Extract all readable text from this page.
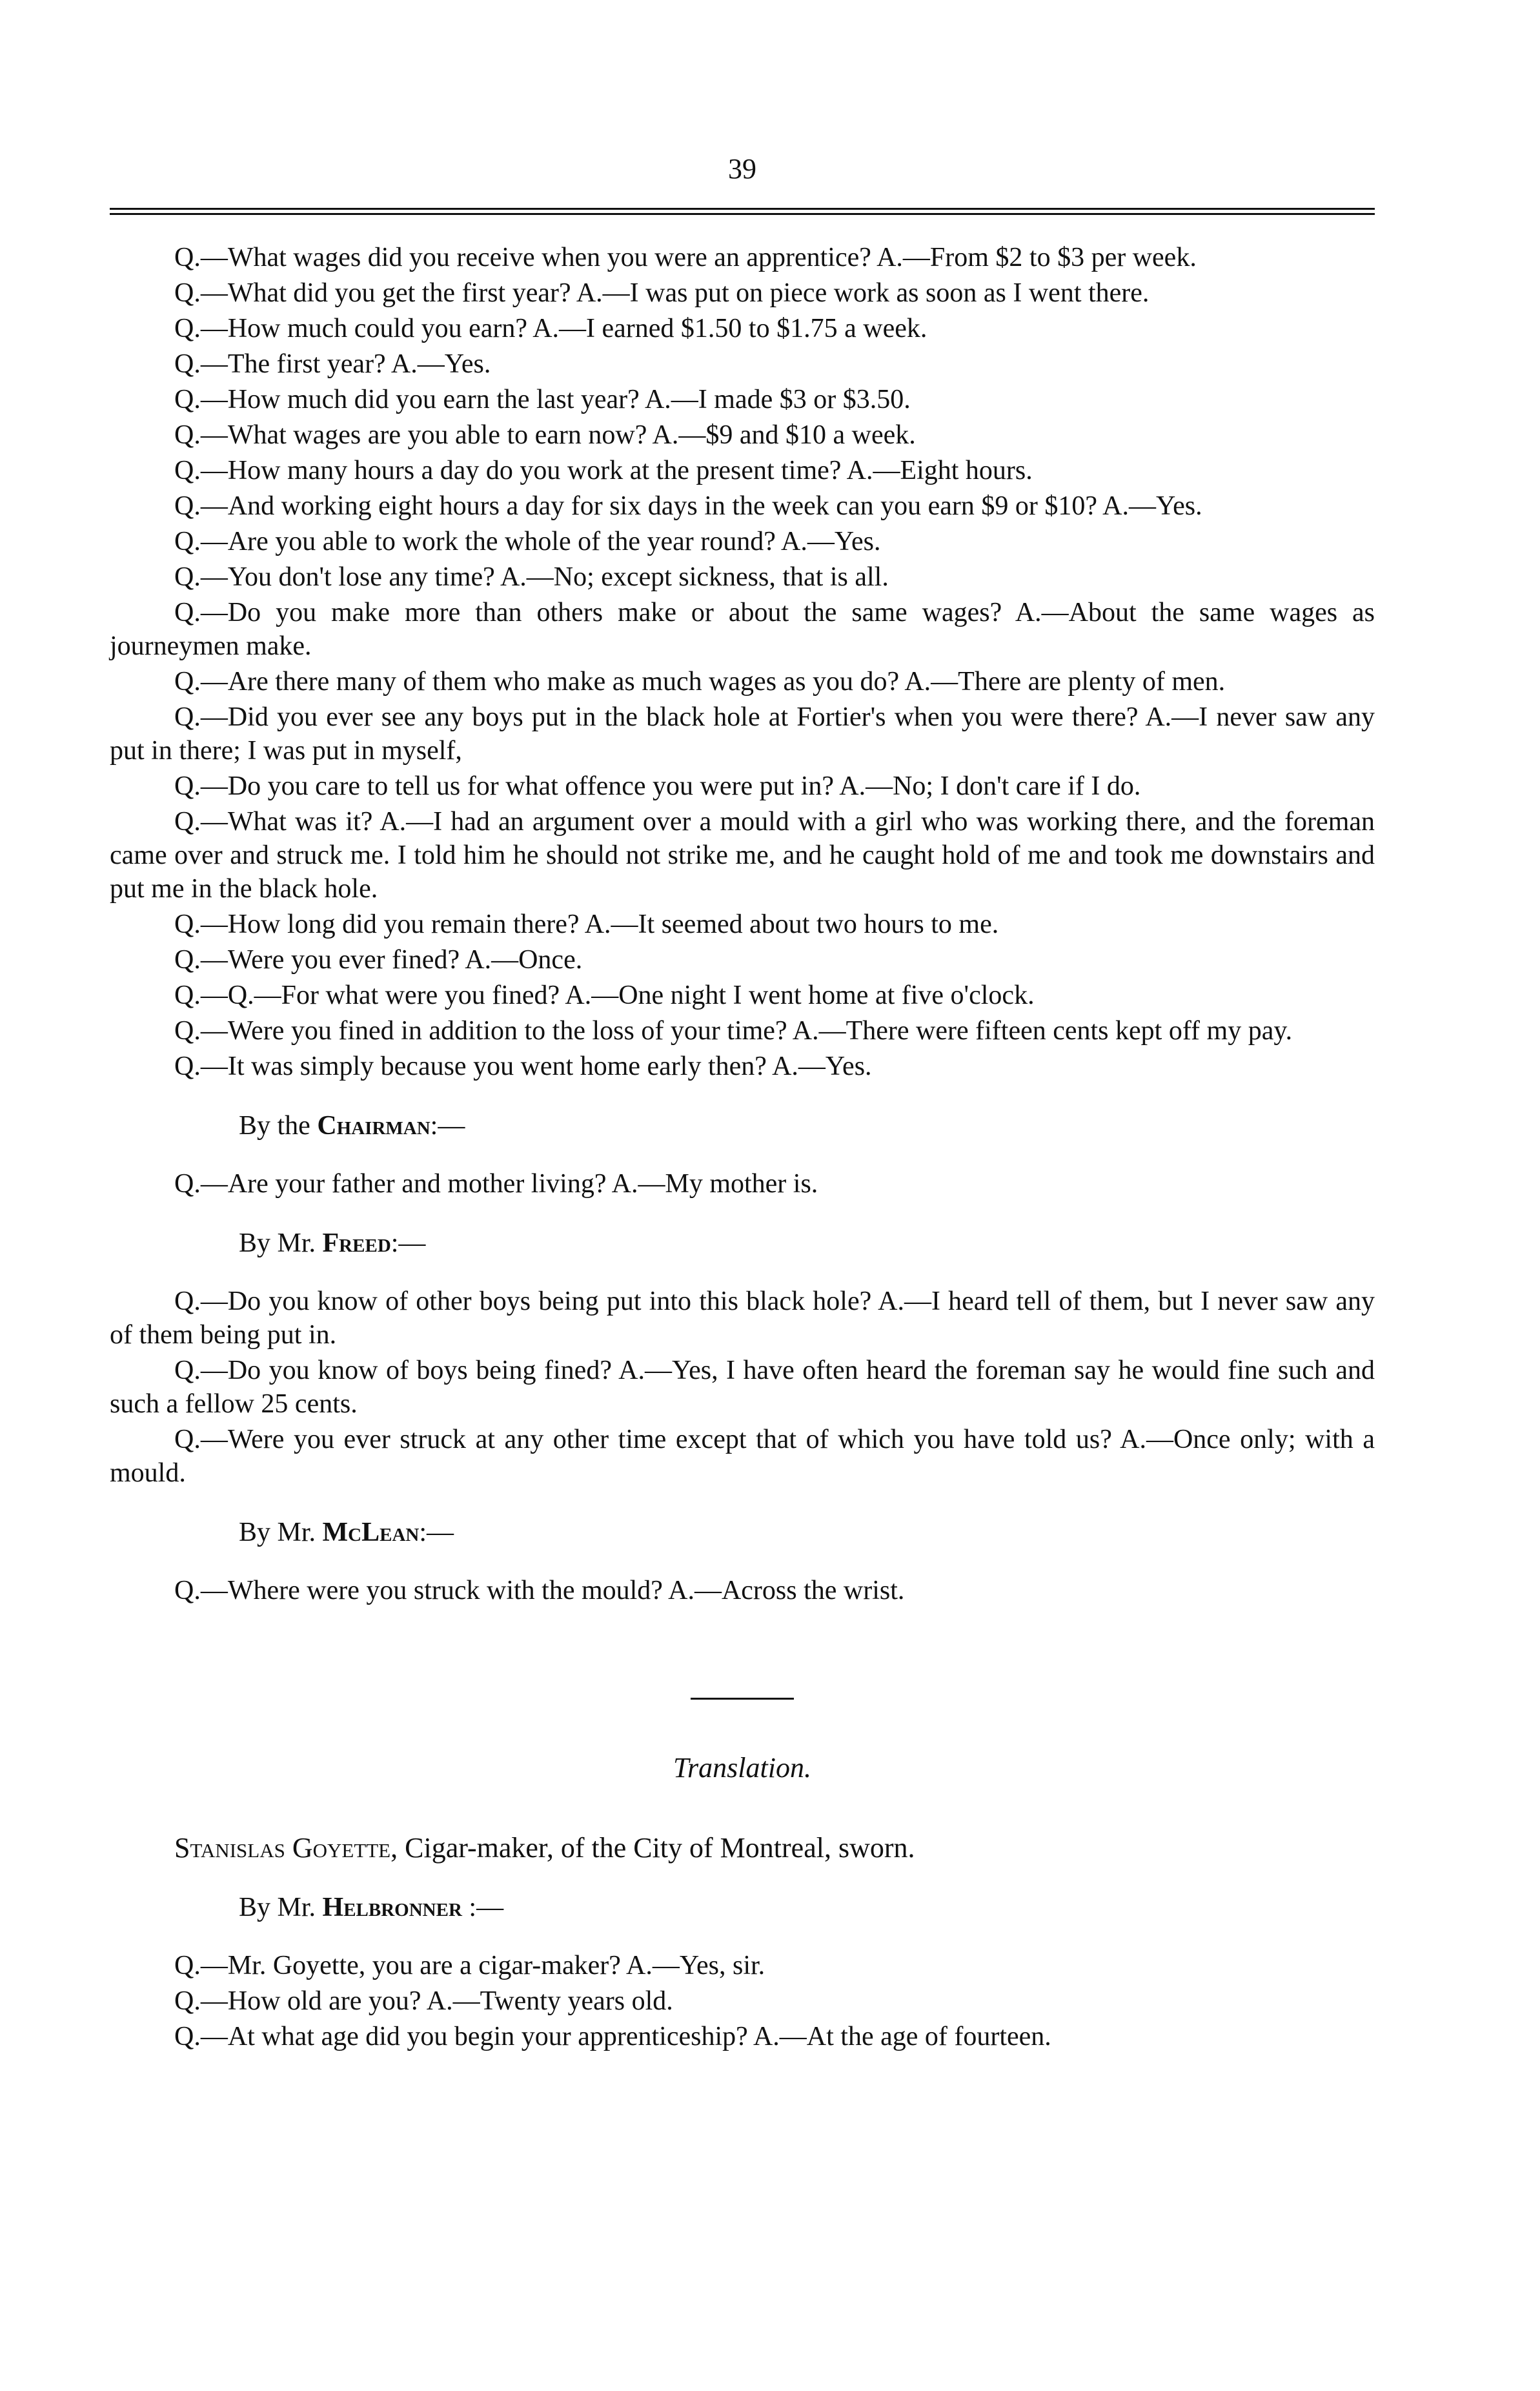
39

Q.—What wages did you receive when you were an apprentice? A.—From $2 to $3 per week.

Q.—What did you get the first year? A.—I was put on piece work as soon as I went there.

Q.—How much could you earn? A.—I earned $1.50 to $1.75 a week.

Q.—The first year? A.—Yes.

Q.—How much did you earn the last year? A.—I made $3 or $3.50.

Q.—What wages are you able to earn now? A.—$9 and $10 a week.

Q.—How many hours a day do you work at the present time? A.—Eight hours.

Q.—And working eight hours a day for six days in the week can you earn $9 or $10? A.—Yes.

Q.—Are you able to work the whole of the year round? A.—Yes.

Q.—You don't lose any time? A.—No; except sickness, that is all.

Q.—Do you make more than others make or about the same wages? A.—About the same wages as journeymen make.

Q.—Are there many of them who make as much wages as you do? A.—There are plenty of men.

Q.—Did you ever see any boys put in the black hole at Fortier's when you were there? A.—I never saw any put in there; I was put in myself,

Q.—Do you care to tell us for what offence you were put in? A.—No; I don't care if I do.

Q.—What was it? A.—I had an argument over a mould with a girl who was working there, and the foreman came over and struck me. I told him he should not strike me, and he caught hold of me and took me downstairs and put me in the black hole.

Q.—How long did you remain there? A.—It seemed about two hours to me.

Q.—Were you ever fined? A.—Once.

Q.—Q.—For what were you fined? A.—One night I went home at five o'clock.

Q.—Were you fined in addition to the loss of your time? A.—There were fifteen cents kept off my pay.

Q.—It was simply because you went home early then? A.—Yes.

By the Chairman:—

Q.—Are your father and mother living? A.—My mother is.

By Mr. Freed:—

Q.—Do you know of other boys being put into this black hole? A.—I heard tell of them, but I never saw any of them being put in.

Q.—Do you know of boys being fined? A.—Yes, I have often heard the foreman say he would fine such and such a fellow 25 cents.

Q.—Were you ever struck at any other time except that of which you have told us? A.—Once only; with a mould.

By Mr. McLean:—

Q.—Where were you struck with the mould? A.—Across the wrist.

Translation.

Stanislas Goyette, Cigar-maker, of the City of Montreal, sworn.

By Mr. Helbronner :—

Q.—Mr. Goyette, you are a cigar-maker? A.—Yes, sir.

Q.—How old are you? A.—Twenty years old.

Q.—At what age did you begin your apprenticeship? A.—At the age of fourteen.
